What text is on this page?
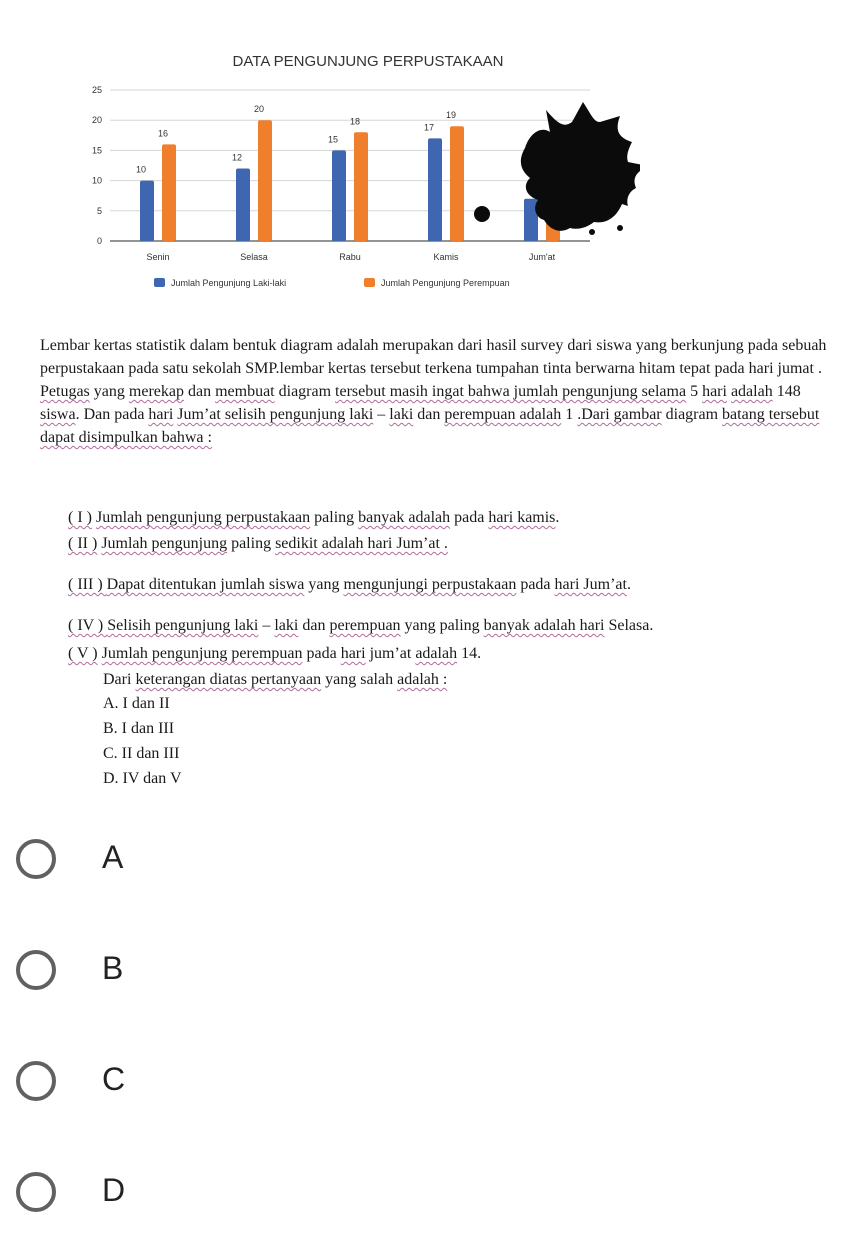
DATA PENGUNJUNG PERPUSTAKAAN
0
5
10
15
20
25
10
16
12
20
15
18
17
19
Senin	Selasa	Rabu	Kamis	Jum'at
Jumlah Pengunjung Laki-laki	Jumlah Pengunjung Perempuan
Lembar kertas statistik dalam bentuk diagram adalah merupakan dari hasil survey dari siswa yang berkunjung pada sebuah perpustakaan pada satu sekolah SMP.lembar kertas tersebut terkena tumpahan tinta berwarna hitam tepat pada hari jumat . Petugas yang merekap dan membuat diagram tersebut masih ingat bahwa jumlah pengunjung selama 5 hari adalah 148 siswa. Dan pada hari Jum’at selisih pengunjung laki – laki dan perempuan adalah 1 .Dari gambar diagram batang tersebut dapat disimpulkan bahwa :

( I ) Jumlah pengunjung perpustakaan paling banyak adalah pada hari kamis.

( II ) Jumlah pengunjung paling sedikit adalah hari Jum’at .

( III ) Dapat ditentukan jumlah siswa yang mengunjungi perpustakaan pada hari Jum’at.

( IV ) Selisih pengunjung laki – laki dan perempuan yang paling banyak adalah hari Selasa.

( V ) Jumlah pengunjung perempuan pada hari jum’at adalah 14.

Dari keterangan diatas pertanyaan yang salah adalah :

A. I dan II

B. I dan III

C. II dan III

D. IV dan V

A
B
C
D
